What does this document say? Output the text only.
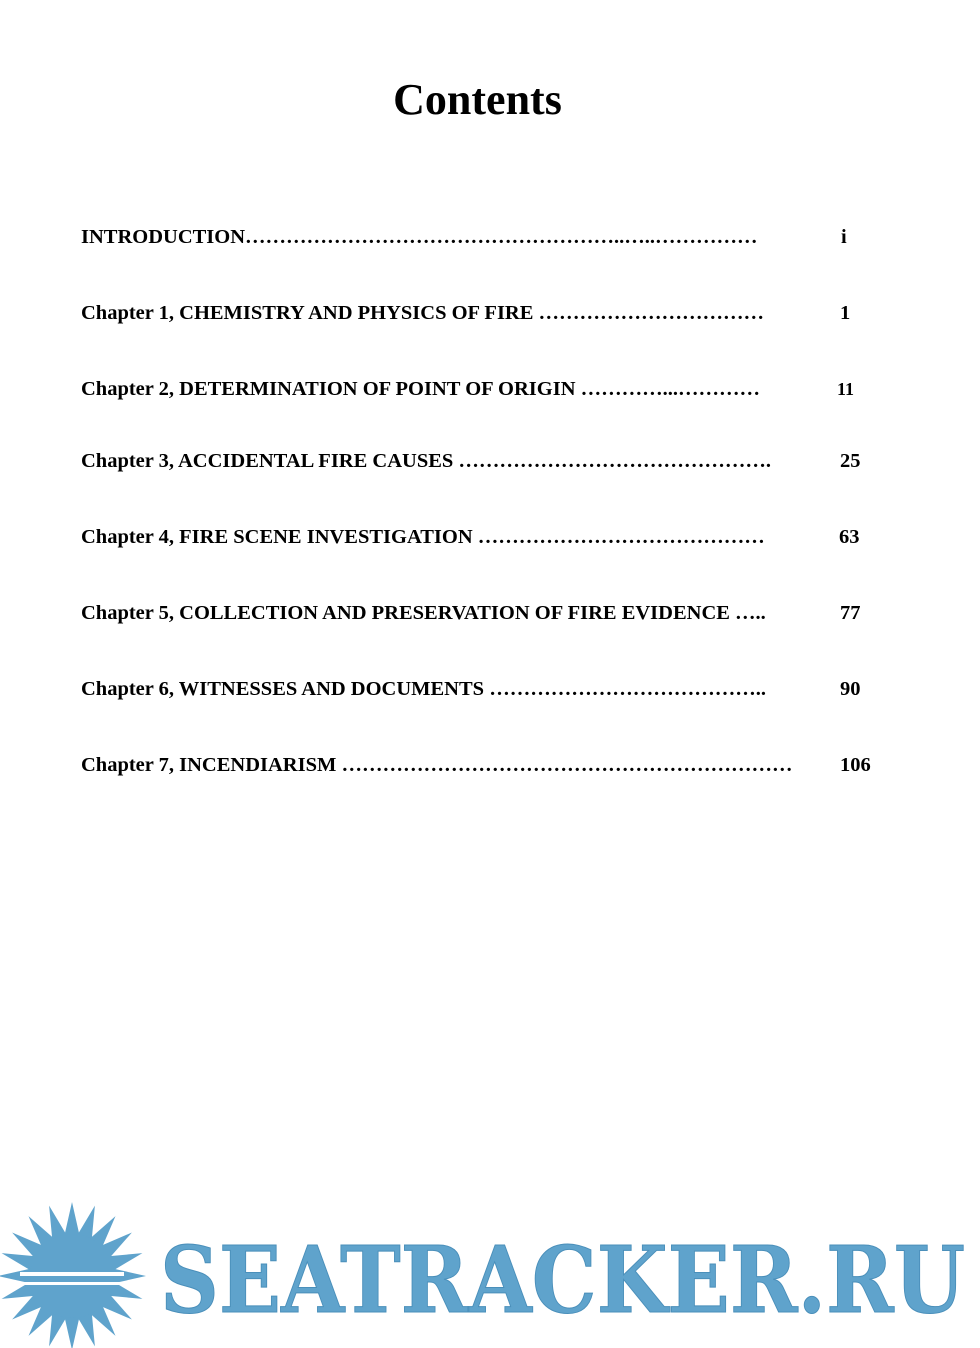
Contents
INTRODUCTION………………………………………………..…..……………	i
Chapter 1, CHEMISTRY AND PHYSICS OF FIRE ……………………………	1
Chapter 2, DETERMINATION OF POINT OF ORIGIN …………...…………	11
Chapter 3, ACCIDENTAL FIRE CAUSES ……………………………………….	25
Chapter 4, FIRE SCENE INVESTIGATION ……………………………………	63
Chapter 5, COLLECTION AND PRESERVATION OF FIRE EVIDENCE …..	77
Chapter 6, WITNESSES AND DOCUMENTS …………………………………..	90
Chapter 7, INCENDIARISM ………………………………………………………… 106
SEATRACKER.RU
